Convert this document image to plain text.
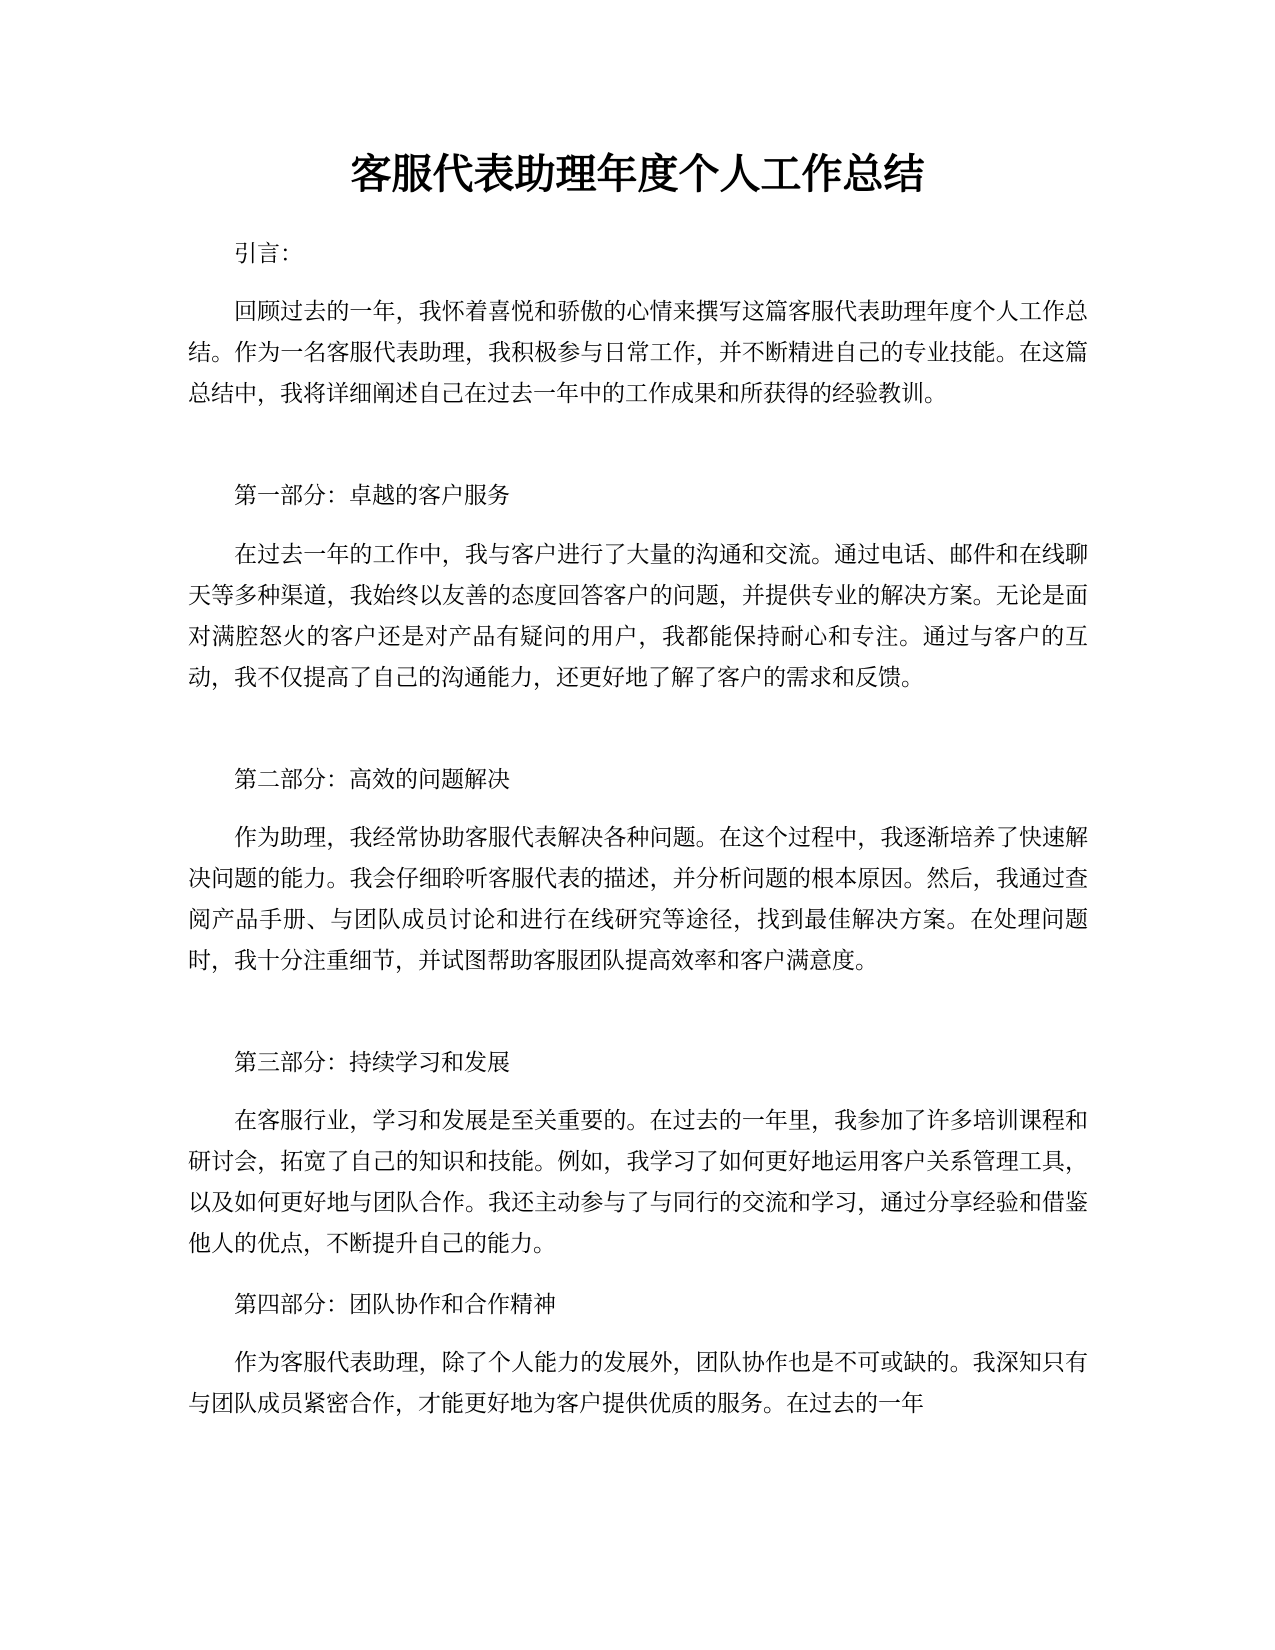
客服代表助理年度个人工作总结

引言：

回顾过去的一年，我怀着喜悦和骄傲的心情来撰写这篇客服代表助理年度个人工作总结。作为一名客服代表助理，我积极参与日常工作，并不断精进自己的专业技能。在这篇总结中，我将详细阐述自己在过去一年中的工作成果和所获得的经验教训。

第一部分：卓越的客户服务

在过去一年的工作中，我与客户进行了大量的沟通和交流。通过电话、邮件和在线聊天等多种渠道，我始终以友善的态度回答客户的问题，并提供专业的解决方案。无论是面对满腔怒火的客户还是对产品有疑问的用户，我都能保持耐心和专注。通过与客户的互动，我不仅提高了自己的沟通能力，还更好地了解了客户的需求和反馈。

第二部分：高效的问题解决

作为助理，我经常协助客服代表解决各种问题。在这个过程中，我逐渐培养了快速解决问题的能力。我会仔细聆听客服代表的描述，并分析问题的根本原因。然后，我通过查阅产品手册、与团队成员讨论和进行在线研究等途径，找到最佳解决方案。在处理问题时，我十分注重细节，并试图帮助客服团队提高效率和客户满意度。

第三部分：持续学习和发展

在客服行业，学习和发展是至关重要的。在过去的一年里，我参加了许多培训课程和研讨会，拓宽了自己的知识和技能。例如，我学习了如何更好地运用客户关系管理工具，以及如何更好地与团队合作。我还主动参与了与同行的交流和学习，通过分享经验和借鉴他人的优点，不断提升自己的能力。

第四部分：团队协作和合作精神

作为客服代表助理，除了个人能力的发展外，团队协作也是不可或缺的。我深知只有与团队成员紧密合作，才能更好地为客户提供优质的服务。在过去的一年
